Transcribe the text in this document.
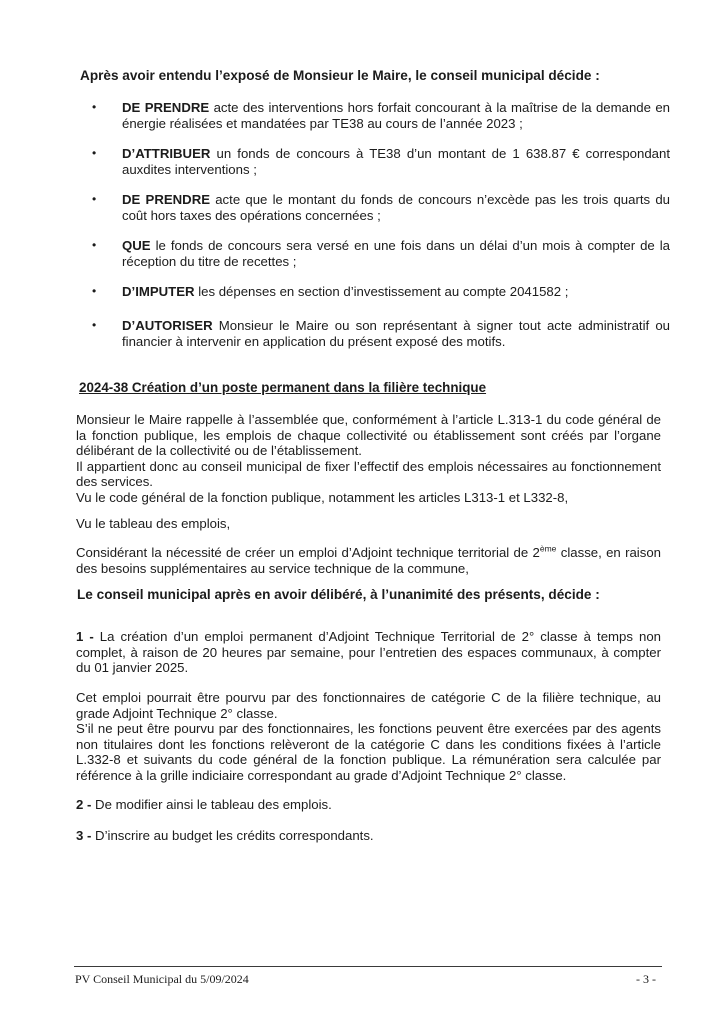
Après avoir entendu l’exposé de Monsieur le Maire, le conseil municipal décide :
• DE PRENDRE acte des interventions hors forfait concourant à la maîtrise de la demande en énergie réalisées et mandatées par TE38 au cours de l’année 2023 ;
• D’ATTRIBUER un fonds de concours à TE38 d’un montant de 1 638.87 € correspondant auxdites interventions ;
• DE PRENDRE acte que le montant du fonds de concours n’excède pas les trois quarts du coût hors taxes des opérations concernées ;
• QUE le fonds de concours sera versé en une fois dans un délai d’un mois à compter de la réception du titre de recettes ;
• D’IMPUTER les dépenses en section d’investissement au compte 2041582 ;
• D’AUTORISER Monsieur le Maire ou son représentant à signer tout acte administratif ou financier à intervenir en application du présent exposé des motifs.
2024-38 Création d’un poste permanent dans la filière technique

Monsieur le Maire rappelle à l’assemblée que, conformément à l’article L.313-1 du code général de la fonction publique, les emplois de chaque collectivité ou établissement sont créés par l’organe délibérant de la collectivité ou de l’établissement.

Il appartient donc au conseil municipal de fixer l’effectif des emplois nécessaires au fonctionnement des services.

Vu le code général de la fonction publique, notamment les articles L313-1 et L332-8,

Vu le tableau des emplois,
Considérant la nécessité de créer un emploi d’Adjoint technique territorial de 2ème classe, en raison des besoins supplémentaires au service technique de la commune,
Le conseil municipal après en avoir délibéré, à l’unanimité des présents, décide :
1 - La création d’un emploi permanent d’Adjoint Technique Territorial de 2° classe à temps non complet, à raison de 20 heures par semaine, pour l’entretien des espaces communaux, à compter du 01 janvier 2025.

Cet emploi pourrait être pourvu par des fonctionnaires de catégorie C de la filière technique, au grade Adjoint Technique 2° classe.

S’il ne peut être pourvu par des fonctionnaires, les fonctions peuvent être exercées par des agents non titulaires dont les fonctions relèveront de la catégorie C dans les conditions fixées à l’article L.332-8 et suivants du code général de la fonction publique. La rémunération sera calculée par référence à la grille indiciaire correspondant au grade d’Adjoint Technique 2° classe.

2 - De modifier ainsi le tableau des emplois.
3 - D’inscrire au budget les crédits correspondants.
PV Conseil Municipal du 5/09/2024	- 3 -
